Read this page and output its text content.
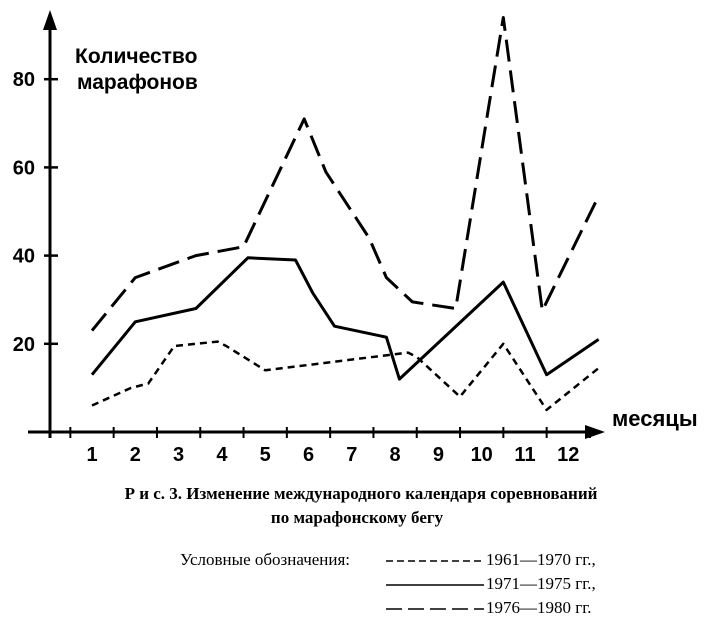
20
40
60
80
1 2 3 4 5 6 7 8 9 10 11 12
Количество
марафонов
месяцы
Р и с. 3. Изменение международного календаря соревнований
по марафонскому бегу
Условные обозначения:	1961—1970 гг.,
1971—1975 гг.,
1976—1980 гг.
